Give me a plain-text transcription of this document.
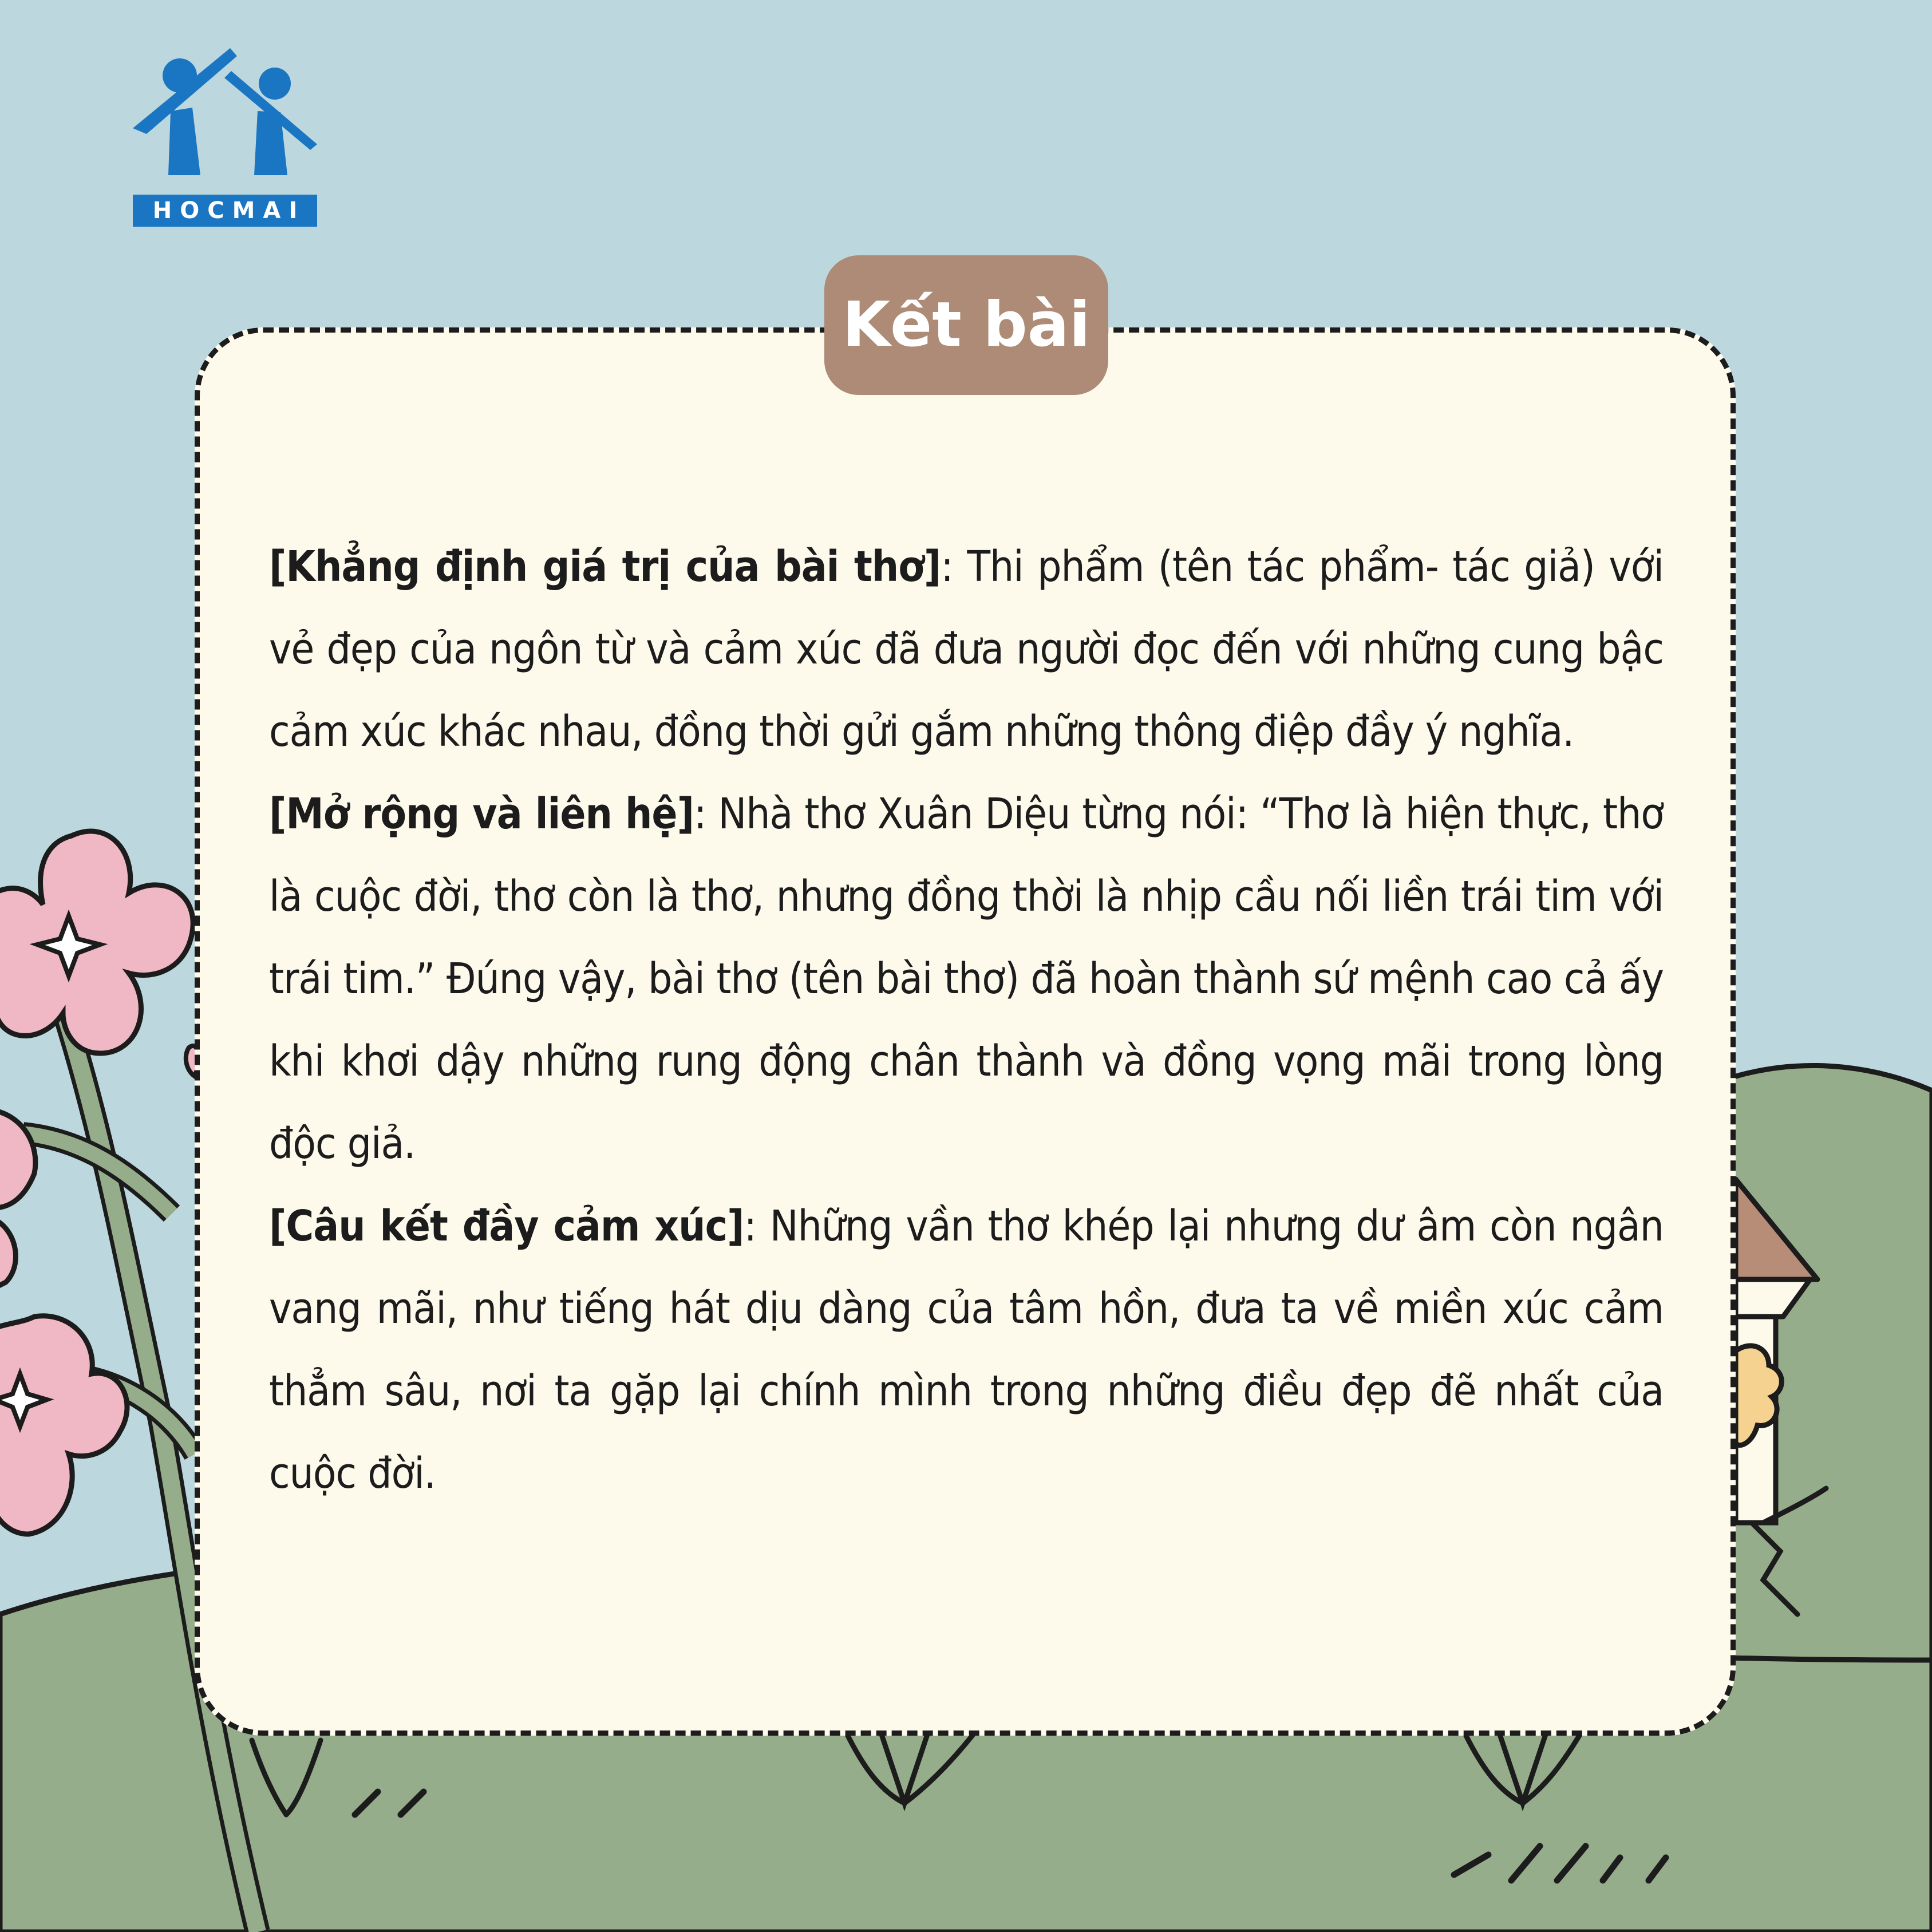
HOCMAI
Kết bài

[Khẳng định giá trị của bài thơ]: Thi phẩm (tên tác phẩm- tác giả) với vẻ đẹp của ngôn từ và cảm xúc đã đưa người đọc đến với những cung bậc cảm xúc khác nhau, đồng thời gửi gắm những thông điệp đầy ý nghĩa.

[Mở rộng và liên hệ]: Nhà thơ Xuân Diệu từng nói: “Thơ là hiện thực, thơ là cuộc đời, thơ còn là thơ, nhưng đồng thời là nhịp cầu nối liền trái tim với trái tim.” Đúng vậy, bài thơ (tên bài thơ) đã hoàn thành sứ mệnh cao cả ấy khi khơi dậy những rung động chân thành và đồng vọng mãi trong lòng độc giả.

[Câu kết đầy cảm xúc]: Những vần thơ khép lại nhưng dư âm còn ngân vang mãi, như tiếng hát dịu dàng của tâm hồn, đưa ta về miền xúc cảm thẳm sâu, nơi ta gặp lại chính mình trong những điều đẹp đẽ nhất của cuộc đời.
